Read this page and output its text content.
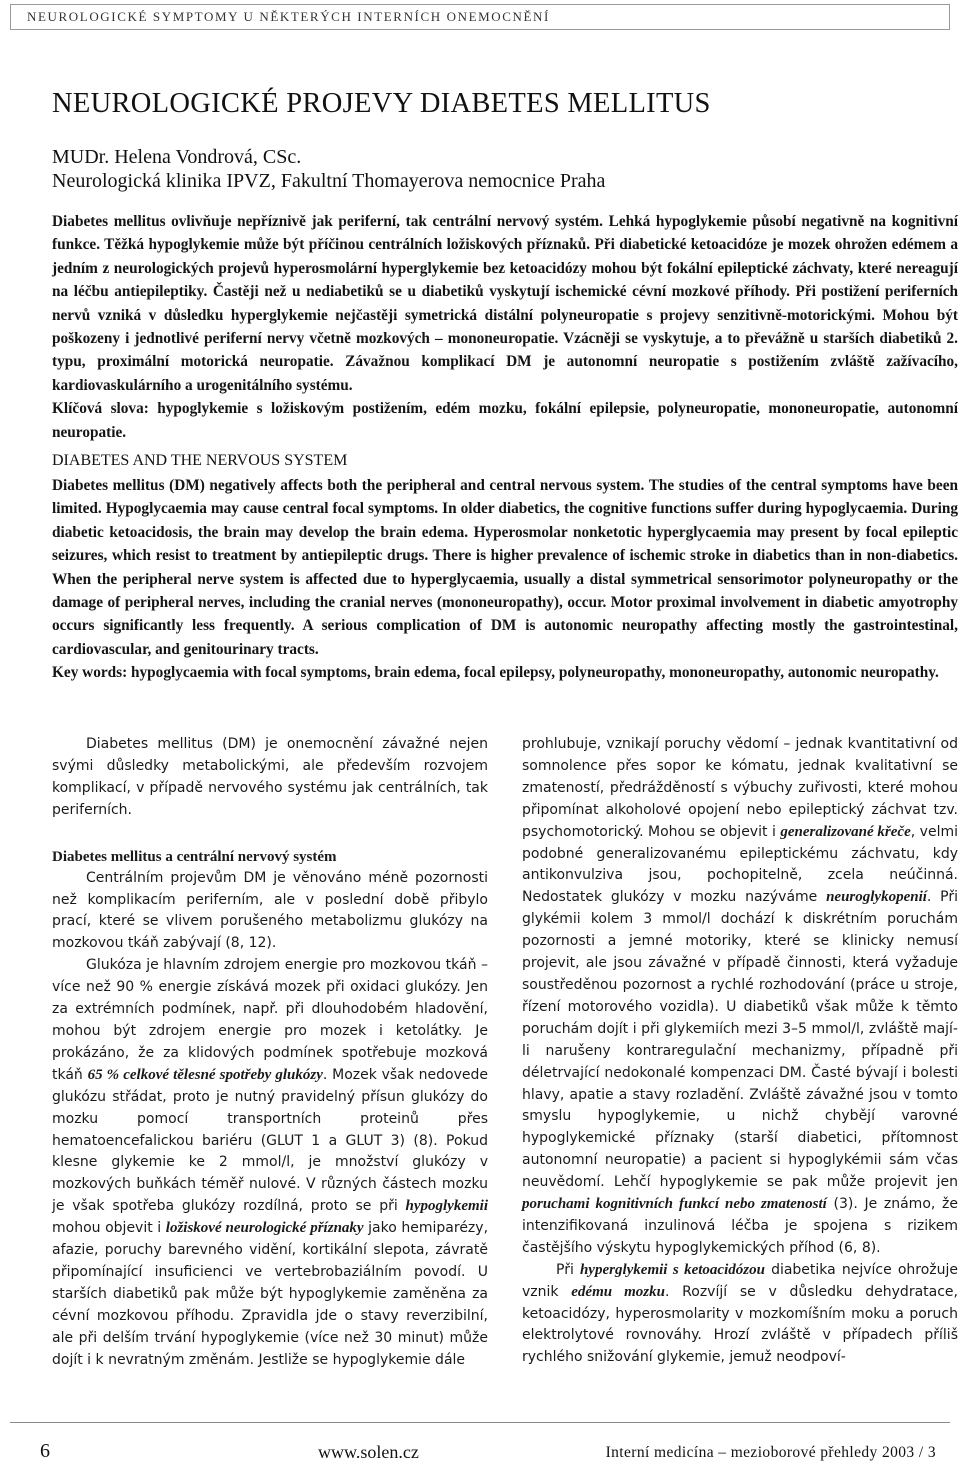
NEUROLOGICKÉ SYMPTOMY U NĚKTERÝCH INTERNÍCH ONEMOCNĚNÍ
NEUROLOGICKÉ PROJEVY DIABETES MELLITUS
MUDr. Helena Vondrová, CSc.
Neurologická klinika IPVZ, Fakultní Thomayerova nemocnice Praha

Diabetes mellitus ovlivňuje nepříznivě jak periferní, tak centrální nervový systém. Lehká hypoglykemie působí negativně na kognitivní funkce. Těžká hypoglykemie může být příčinou centrálních ložiskových příznaků. Při diabetické ketoacidóze je mozek ohrožen edémem a jedním z neurologických projevů hyperosmolární hyperglykemie bez ketoacidózy mohou být fokální epileptické záchvaty, které nereagují na léčbu antiepileptiky. Častěji než u nediabetiků se u diabetiků vyskytují ischemické cévní mozkové příhody. Při postižení periferních nervů vzniká v důsledku hyperglykemie nejčastěji symetrická distální polyneuropatie s projevy senzitivně-motorickými. Mohou být poškozeny i jednotlivé periferní nervy včetně mozkových – mononeuropatie. Vzácněji se vyskytuje, a to převážně u starších diabetiků 2. typu, proximální motorická neuropatie. Závažnou komplikací DM je autonomní neuropatie s postižením zvláště zažívacího, kardiovaskulárního a urogenitálního systému.

Klíčová slova: hypoglykemie s ložiskovým postižením, edém mozku, fokální epilepsie, polyneuropatie, mononeuropatie, autonomní neuropatie.

DIABETES AND THE NERVOUS SYSTEM

Diabetes mellitus (DM) negatively affects both the peripheral and central nervous system. The studies of the central symptoms have been limited. Hypoglycaemia may cause central focal symptoms. In older diabetics, the cognitive functions suffer during hypoglycaemia. During diabetic ketoacidosis, the brain may develop the brain edema. Hyperosmolar nonketotic hyperglycaemia may present by focal epileptic seizures, which resist to treatment by antiepileptic drugs. There is higher prevalence of ischemic stroke in diabetics than in non-diabetics. When the peripheral nerve system is affected due to hyperglycaemia, usually a distal symmetrical sensorimotor polyneuropathy or the damage of peripheral nerves, including the cranial nerves (mononeuropathy), occur. Motor proximal involvement in diabetic amyotrophy occurs significantly less frequently. A serious complication of DM is autonomic neuropathy affecting mostly the gastrointestinal, cardiovascular, and genitourinary tracts.

Key words: hypoglycaemia with focal symptoms, brain edema, focal epilepsy, polyneuropathy, mononeuropathy, autonomic neuropathy.

Diabetes mellitus (DM) je onemocnění závažné nejen svými důsledky metabolickými, ale především rozvojem komplikací, v případě nervového systému jak centrálních, tak periferních.

Diabetes mellitus a centrální nervový systém

Centrálním projevům DM je věnováno méně pozornosti než komplikacím periferním, ale v poslední době přibylo prací, které se vlivem porušeného metabolizmu glukózy na mozkovou tkáň zabývají (8, 12).

Glukóza je hlavním zdrojem energie pro mozkovou tkáň – více než 90 % energie získává mozek při oxidaci glukózy. Jen za extrémních podmínek, např. při dlouhodobém hladovění, mohou být zdrojem energie pro mozek i ketolátky. Je prokázáno, že za klidových podmínek spotřebuje mozková tkáň 65 % celkové tělesné spotřeby glukózy. Mozek však nedovede glukózu střádat, proto je nutný pravidelný přísun glukózy do mozku pomocí transportních proteinů přes hematoencefalickou bariéru (GLUT 1 a GLUT 3) (8). Pokud klesne glykemie ke 2 mmol/l, je množství glukózy v mozkových buňkách téměř nulové. V různých částech mozku je však spotřeba glukózy rozdílná, proto se při hypoglykemii mohou objevit i ložiskové neurologické příznaky jako hemiparézy, afazie, poruchy barevného vidění, kortikální slepota, závratě připomínající insuficienci ve vertebrobaziálním povodí. U starších diabetiků pak může být hypoglykemie zaměněna za cévní mozkovou příhodu. Zpravidla jde o stavy reverzibilní, ale při delším trvání hypoglykemie (více než 30 minut) může dojít i k nevratným změnám. Jestliže se hypoglykemie dále

prohlubuje, vznikají poruchy vědomí – jednak kvantitativní od somnolence přes sopor ke kómatu, jednak kvalitativní se zmateností, předrážděností s výbuchy zuřivosti, které mohou připomínat alkoholové opojení nebo epileptický záchvat tzv. psychomotorický. Mohou se objevit i generalizované křeče, velmi podobné generalizovanému epileptickému záchvatu, kdy antikonvulziva jsou, pochopitelně, zcela neúčinná. Nedostatek glukózy v mozku nazýváme neuroglykopenií. Při glykémii kolem 3 mmol/l dochází k diskrétním poruchám pozornosti a jemné motoriky, které se klinicky nemusí projevit, ale jsou závažné v případě činnosti, která vyžaduje soustředěnou pozornost a rychlé rozhodování (práce u stroje, řízení motorového vozidla). U diabetiků však může k těmto poruchám dojít i při glykemiích mezi 3–5 mmol/l, zvláště mají-li narušeny kontraregulační mechanizmy, případně při déletrvající nedokonalé kompenzaci DM. Časté bývají i bolesti hlavy, apatie a stavy rozladění. Zvláště závažné jsou v tomto smyslu hypoglykemie, u nichž chybějí varovné hypoglykemické příznaky (starší diabetici, přítomnost autonomní neuropatie) a pacient si hypoglykémii sám včas neuvědomí. Lehčí hypoglykemie se pak může projevit jen poruchami kognitivních funkcí nebo zmateností (3). Je známo, že intenzifikovaná inzulinová léčba je spojena s rizikem častějšího výskytu hypoglykemických příhod (6, 8).

Při hyperglykemii s ketoacidózou diabetika nejvíce ohrožuje vznik edému mozku. Rozvíjí se v důsledku dehydratace, ketoacidózy, hyperosmolarity v mozkomíšním moku a poruch elektrolytové rovnováhy. Hrozí zvláště v případech příliš rychlého snižování glykemie, jemuž neodpoví-

6	www.solen.cz	Interní medicína – mezioborové přehledy 2003 / 3
